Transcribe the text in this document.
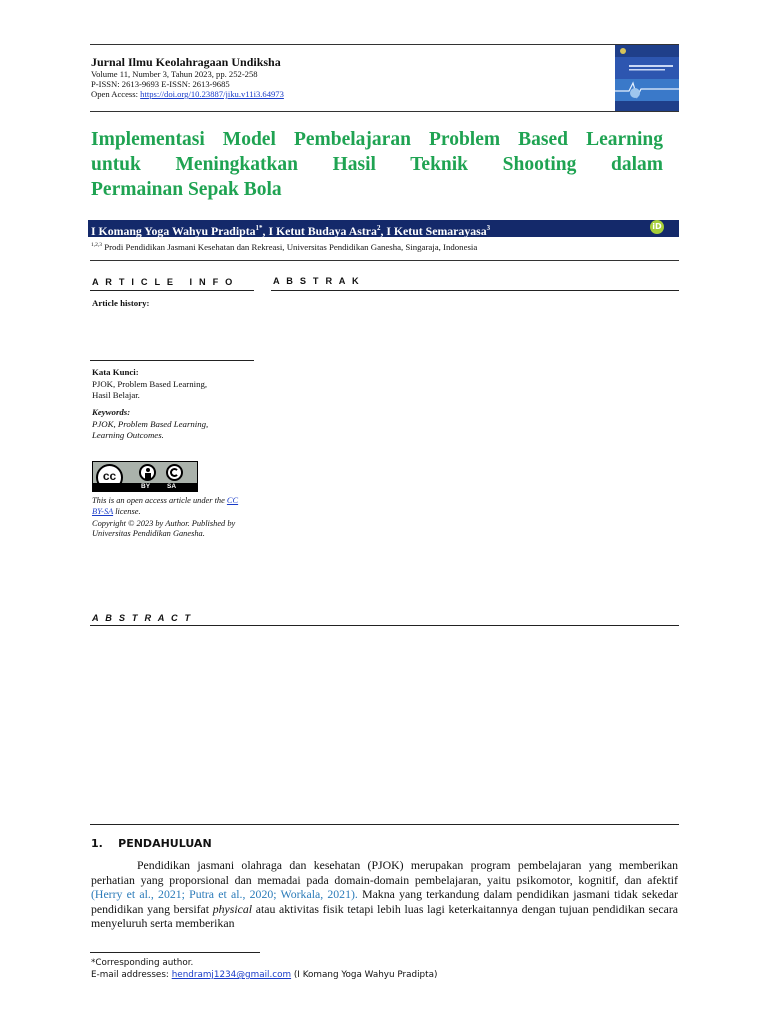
Jurnal Ilmu Keolahragaan Undiksha
Volume 11, Number 3, Tahun 2023, pp. 252-258
P-ISSN: 2613-9693 E-ISSN: 2613-9685
Open Access: https://doi.org/10.23887/jiku.v11i3.64973
Implementasi Model Pembelajaran Problem Based Learning
untuk Meningkatkan Hasil Teknik Shooting dalam
Permainan Sepak Bola
I Komang Yoga Wahyu Pradipta$^{1*}$, I Ketut Budaya Astra$^2$, I Ketut Semarayasa$^3$	iD
$^{1,2,3}$ Prodi Pendidikan Jasmani Kesehatan dan Rekreasi, Universitas Pendidikan Ganesha, Singaraja, Indonesia
A R T I C L E   I N F O
Article history:
Kata Kunci:
PJOK, Problem Based Learning,
Hasil Belajar.
Keywords:
PJOK, Problem Based Learning,
Learning Outcomes.
cc
BY	SA
This is an open access article under the CC
BY-SA license.
Copyright © 2023 by Author. Published by
Universitas Pendidikan Ganesha.
A B S T R A K
A B S T R A C T
1.    PENDAHULUAN
Pendidikan jasmani olahraga dan kesehatan (PJOK) merupakan program pembelajaran yang memberikan perhatian yang proporsional dan memadai pada domain-domain pembelajaran, yaitu psikomotor, kognitif, dan afektif (Herry et al., 2021; Putra et al., 2020; Workala, 2021). Makna yang terkandung dalam pendidikan jasmani tidak sekedar pendidikan yang bersifat physical atau aktivitas fisik tetapi lebih luas lagi keterkaitannya dengan tujuan pendidikan secara menyeluruh serta memberikan
*Corresponding author.
E-mail addresses: hendramj1234@gmail.com (I Komang Yoga Wahyu Pradipta)
